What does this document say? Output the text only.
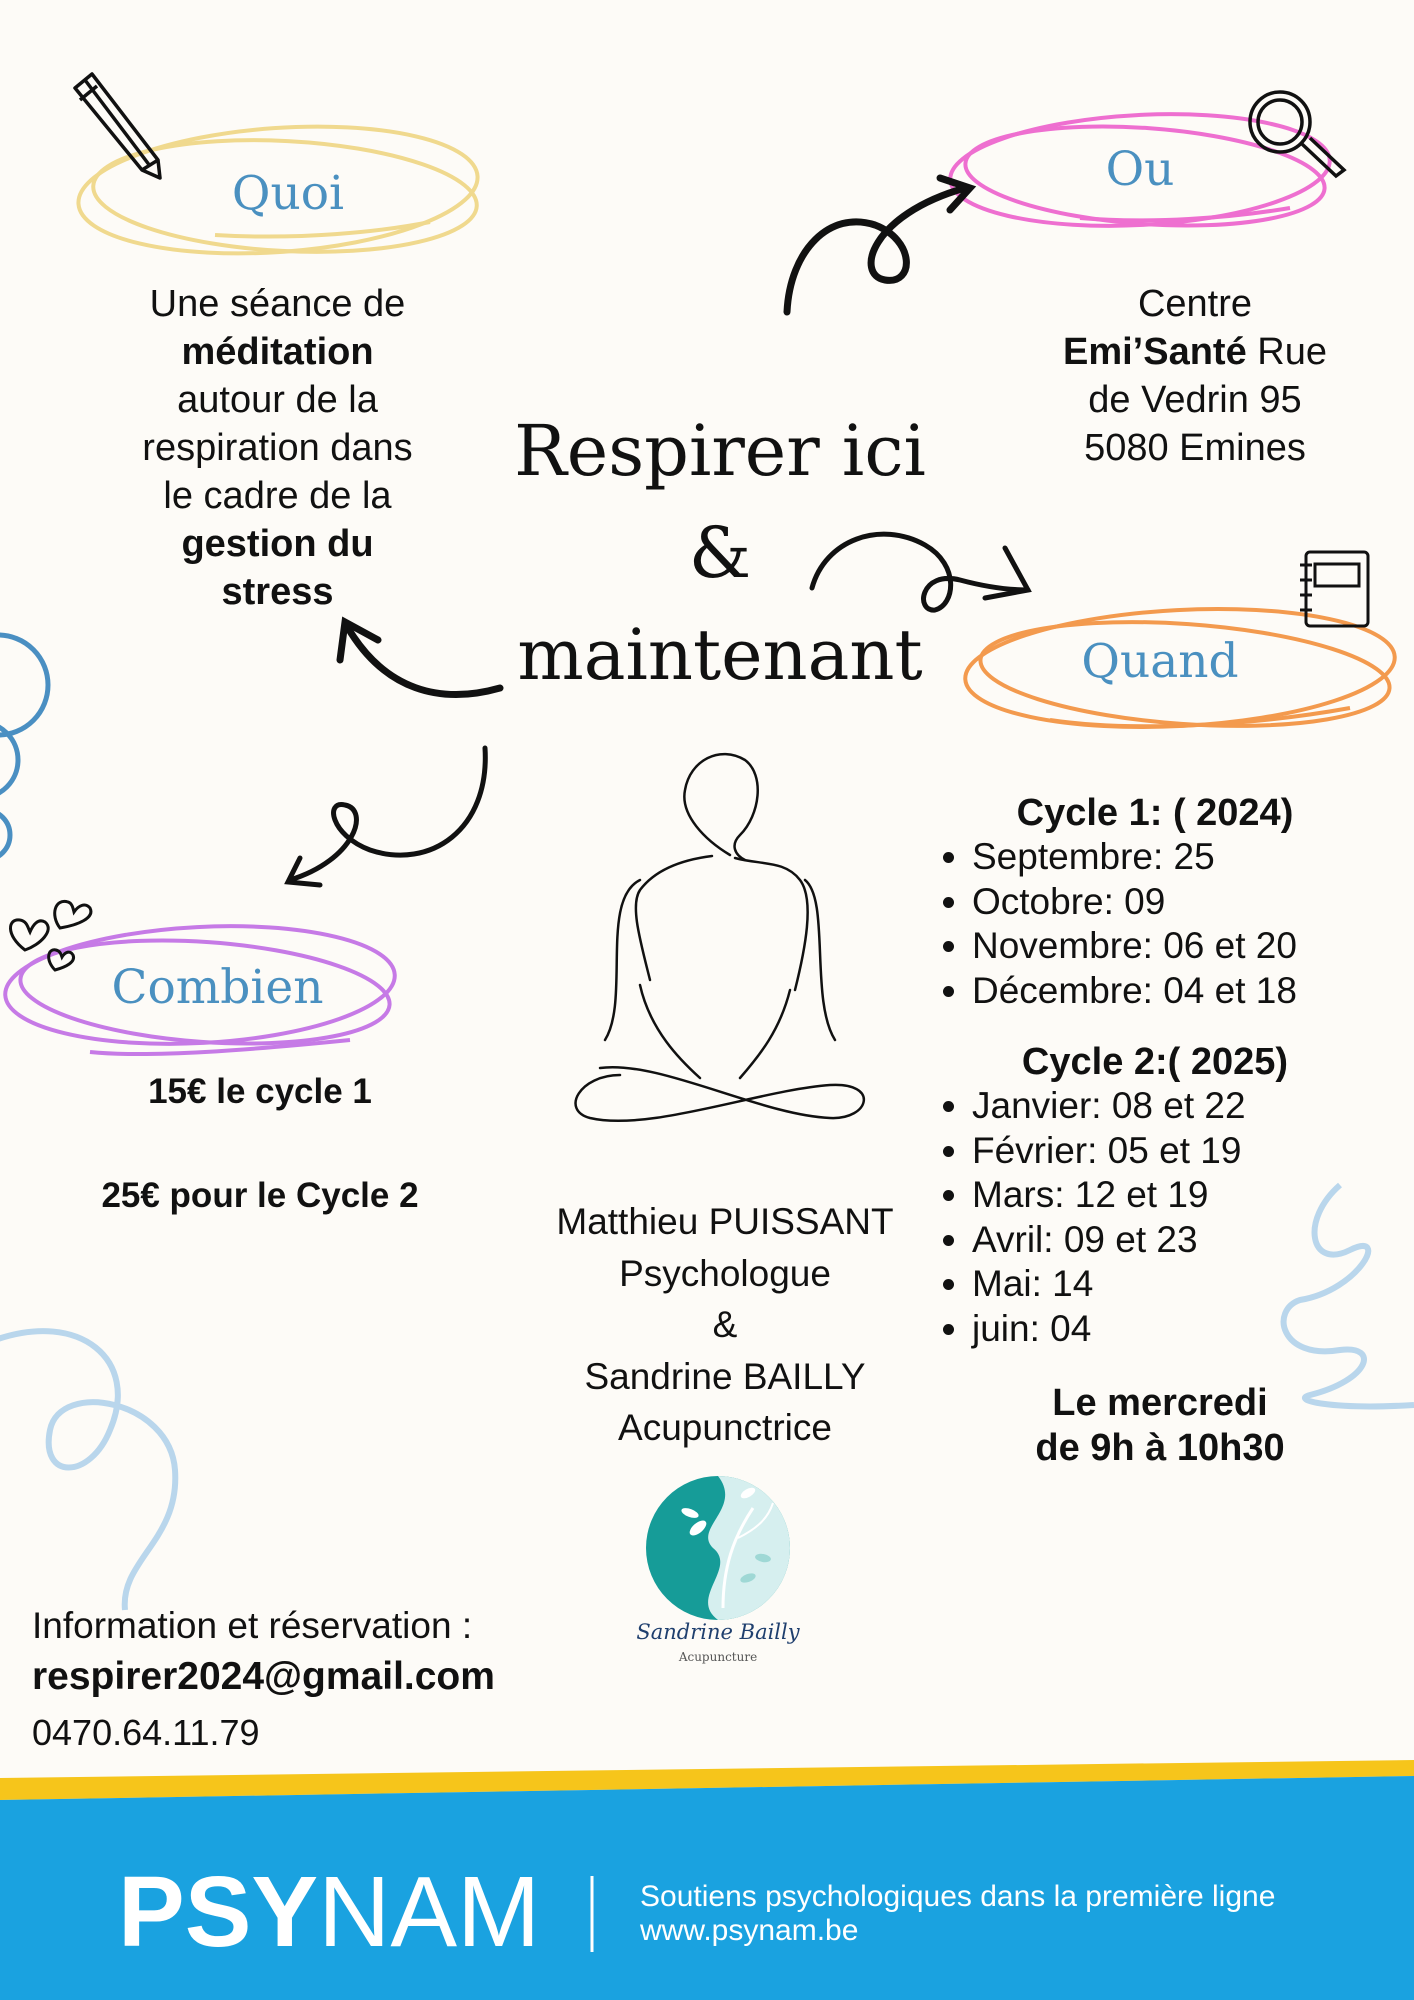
Quoi
Une séance de
méditation
autour de la
respiration dans
le cadre de la
gestion du
stress
Ou
Centre
Emi’Santé Rue
de Vedrin 95
5080 Emines
Respirer ici
&
maintenant	Quand
Cycle 1: ( 2024)
• Septembre: 25
• Octobre: 09
• Novembre: 06 et 20
• Décembre: 04 et 18
Cycle 2:( 2025)
• Janvier: 08 et 22
• Février: 05 et 19
• Mars: 12 et 19
• Avril: 09 et 23
• Mai: 14
• juin: 04
Le mercredi
de 9h à 10h30
Combien
15€ le cycle 1
25€ pour le Cycle 2
Matthieu PUISSANT
Psychologue
&
Sandrine BAILLY
Acupunctrice
Sandrine Bailly
Acupuncture
Information et réservation :
respirer2024@gmail.com
0470.64.11.79
PSYNAM	Soutiens psychologiques dans la première ligne
www.psynam.be
